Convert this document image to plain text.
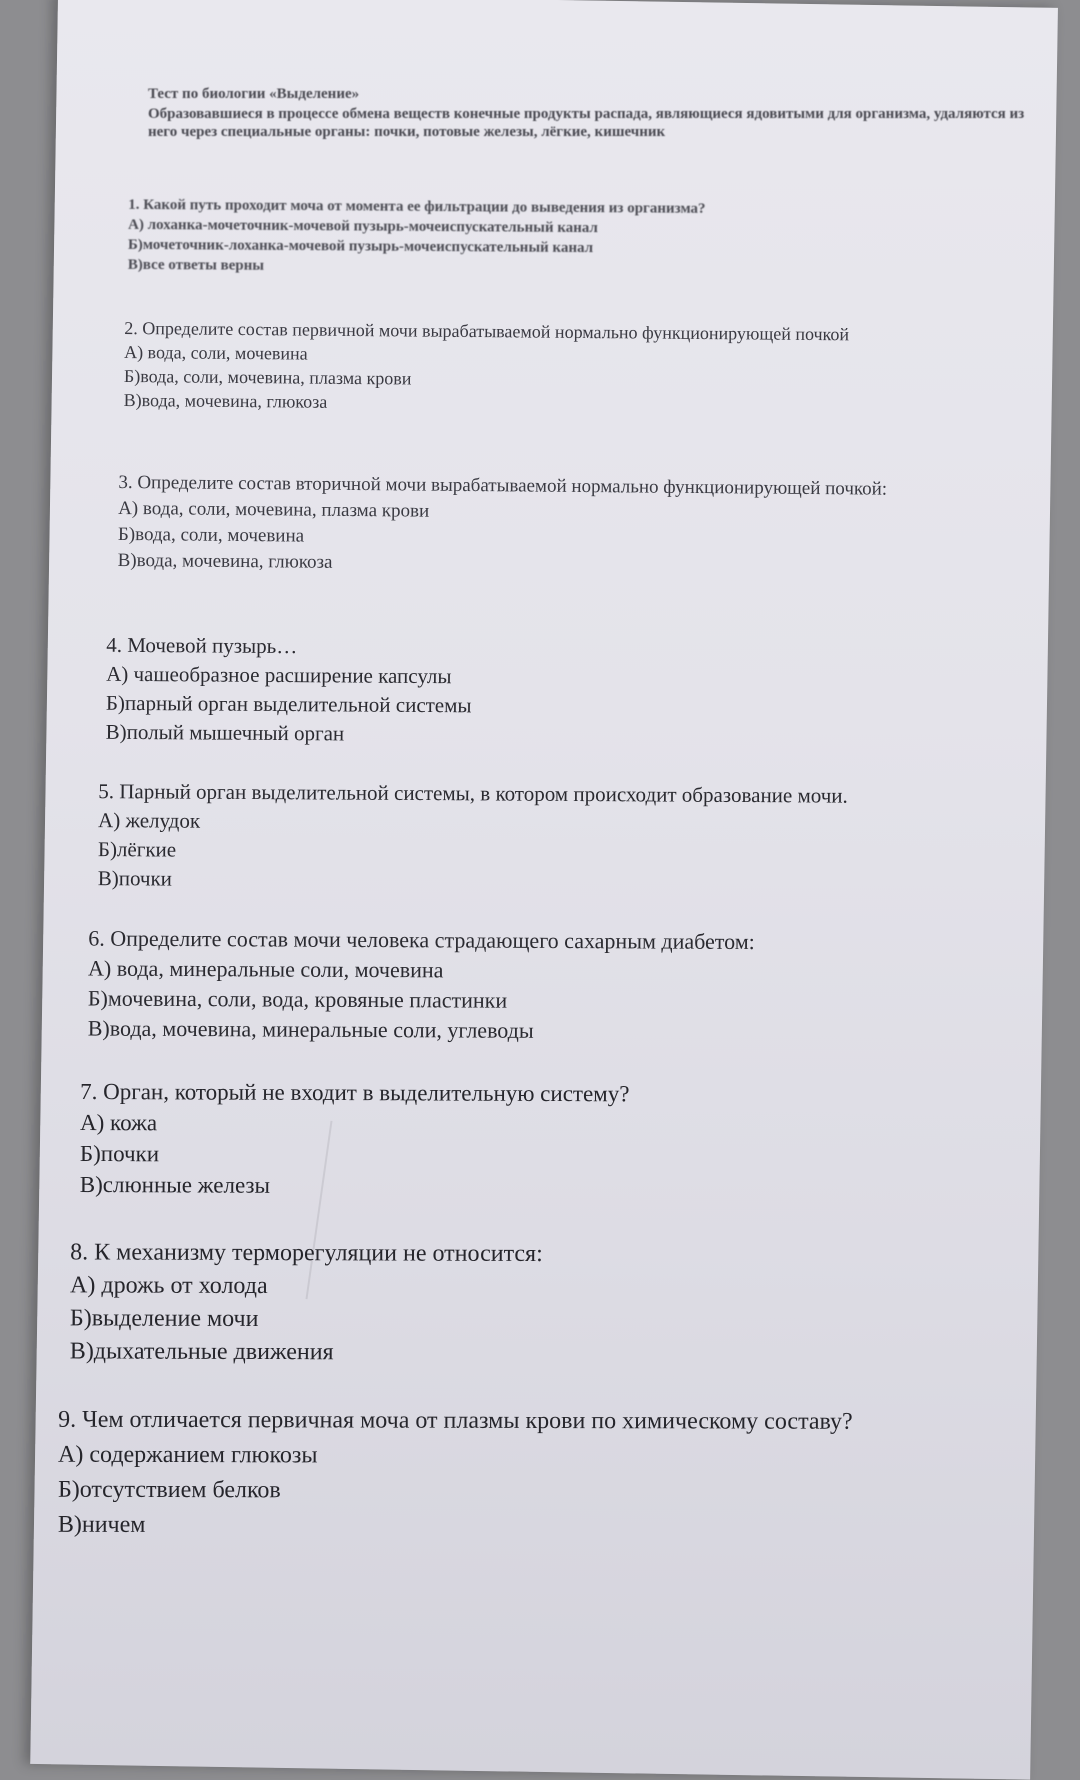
Тест по биологии «Выделение»
Образовавшиеся в процессе обмена веществ конечные продукты распада, являющиеся ядовитыми для организма, удаляются из него через специальные органы: почки, потовые железы, лёгкие, кишечник
1. Какой путь проходит моча от момента ее фильтрации до выведения из организма?
А) лоханка-мочеточник-мочевой пузырь-мочеиспускательный канал
Б)мочеточник-лоханка-мочевой пузырь-мочеиспускательный канал
В)все ответы верны
2. Определите состав первичной мочи вырабатываемой нормально функционирующей почкой
А) вода, соли, мочевина
Б)вода, соли, мочевина, плазма крови
В)вода, мочевина, глюкоза
3. Определите состав вторичной мочи вырабатываемой нормально функционирующей почкой:
А) вода, соли, мочевина, плазма крови
Б)вода, соли, мочевина
В)вода, мочевина, глюкоза
4. Мочевой пузырь…
А) чашеобразное расширение капсулы
Б)парный орган выделительной системы
В)полый мышечный орган
5. Парный орган выделительной системы, в котором происходит образование мочи.
А) желудок
Б)лёгкие
В)почки
6. Определите состав мочи человека страдающего сахарным диабетом:
А) вода, минеральные соли, мочевина
Б)мочевина, соли, вода, кровяные пластинки
В)вода, мочевина, минеральные соли, углеводы
7. Орган, который не входит в выделительную систему?
А) кожа
Б)почки
В)слюнные железы
8. К механизму терморегуляции не относится:
А) дрожь от холода
Б)выделение мочи
В)дыхательные движения
9. Чем отличается первичная моча от плазмы крови по химическому составу?
А) содержанием глюкозы
Б)отсутствием белков
В)ничем
